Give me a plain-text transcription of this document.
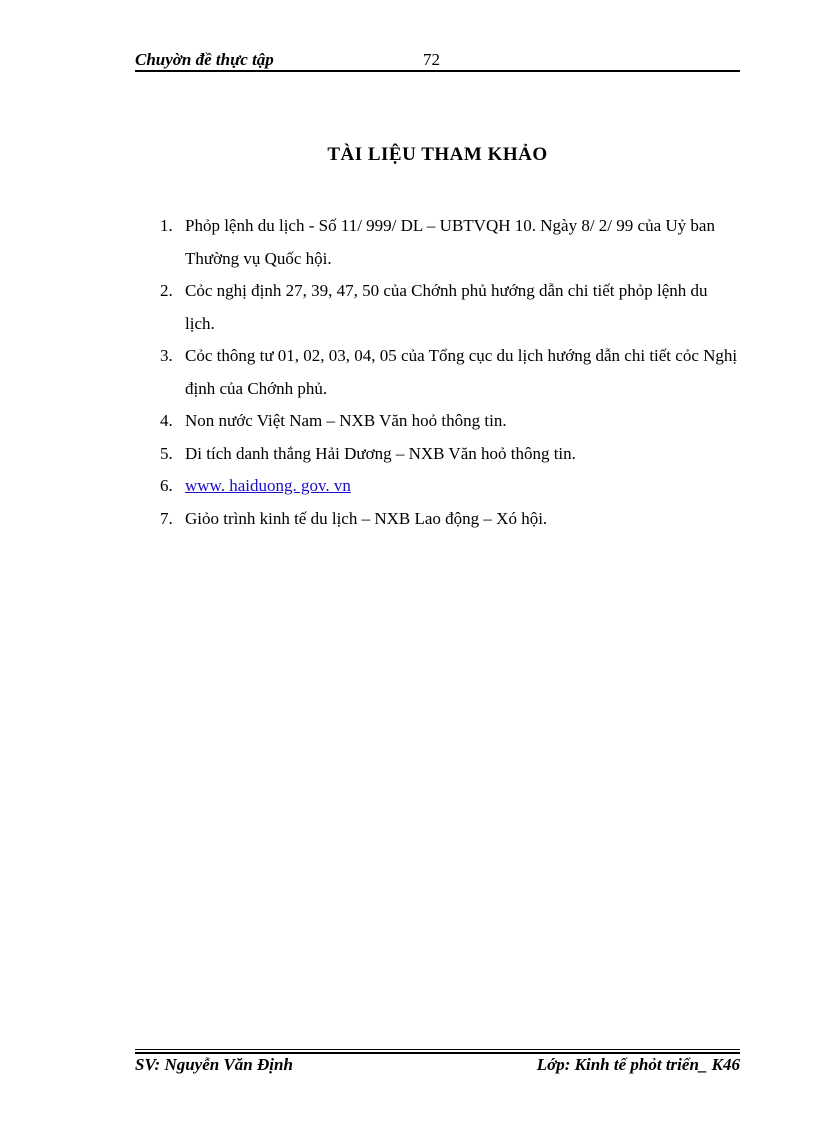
Chuyờn đề thực tập	72
TÀI LIỆU THAM KHẢO
1. Phỏp lệnh du lịch - Số 11/ 999/ DL – UBTVQH 10. Ngày 8/ 2/ 99 của Uỷ ban Thường vụ Quốc hội.
2. Cỏc nghị định 27, 39, 47, 50 của Chớnh phủ hướng dẫn chi tiết phỏp lệnh du lịch.
3. Cỏc thông tư 01, 02, 03, 04, 05 của Tổng cục du lịch hướng dẫn chi tiết cỏc Nghị định của Chớnh phủ.
4. Non nước Việt Nam – NXB Văn hoỏ thông tin.
5. Di tích danh thắng Hải Dương – NXB Văn hoỏ thông tin.
6. www. haiduong. gov. vn
7. Giỏo trình kinh tế du lịch – NXB Lao động – Xó hội.
SV: Nguyễn Văn Định	Lớp: Kinh tế phỏt triển_ K46
